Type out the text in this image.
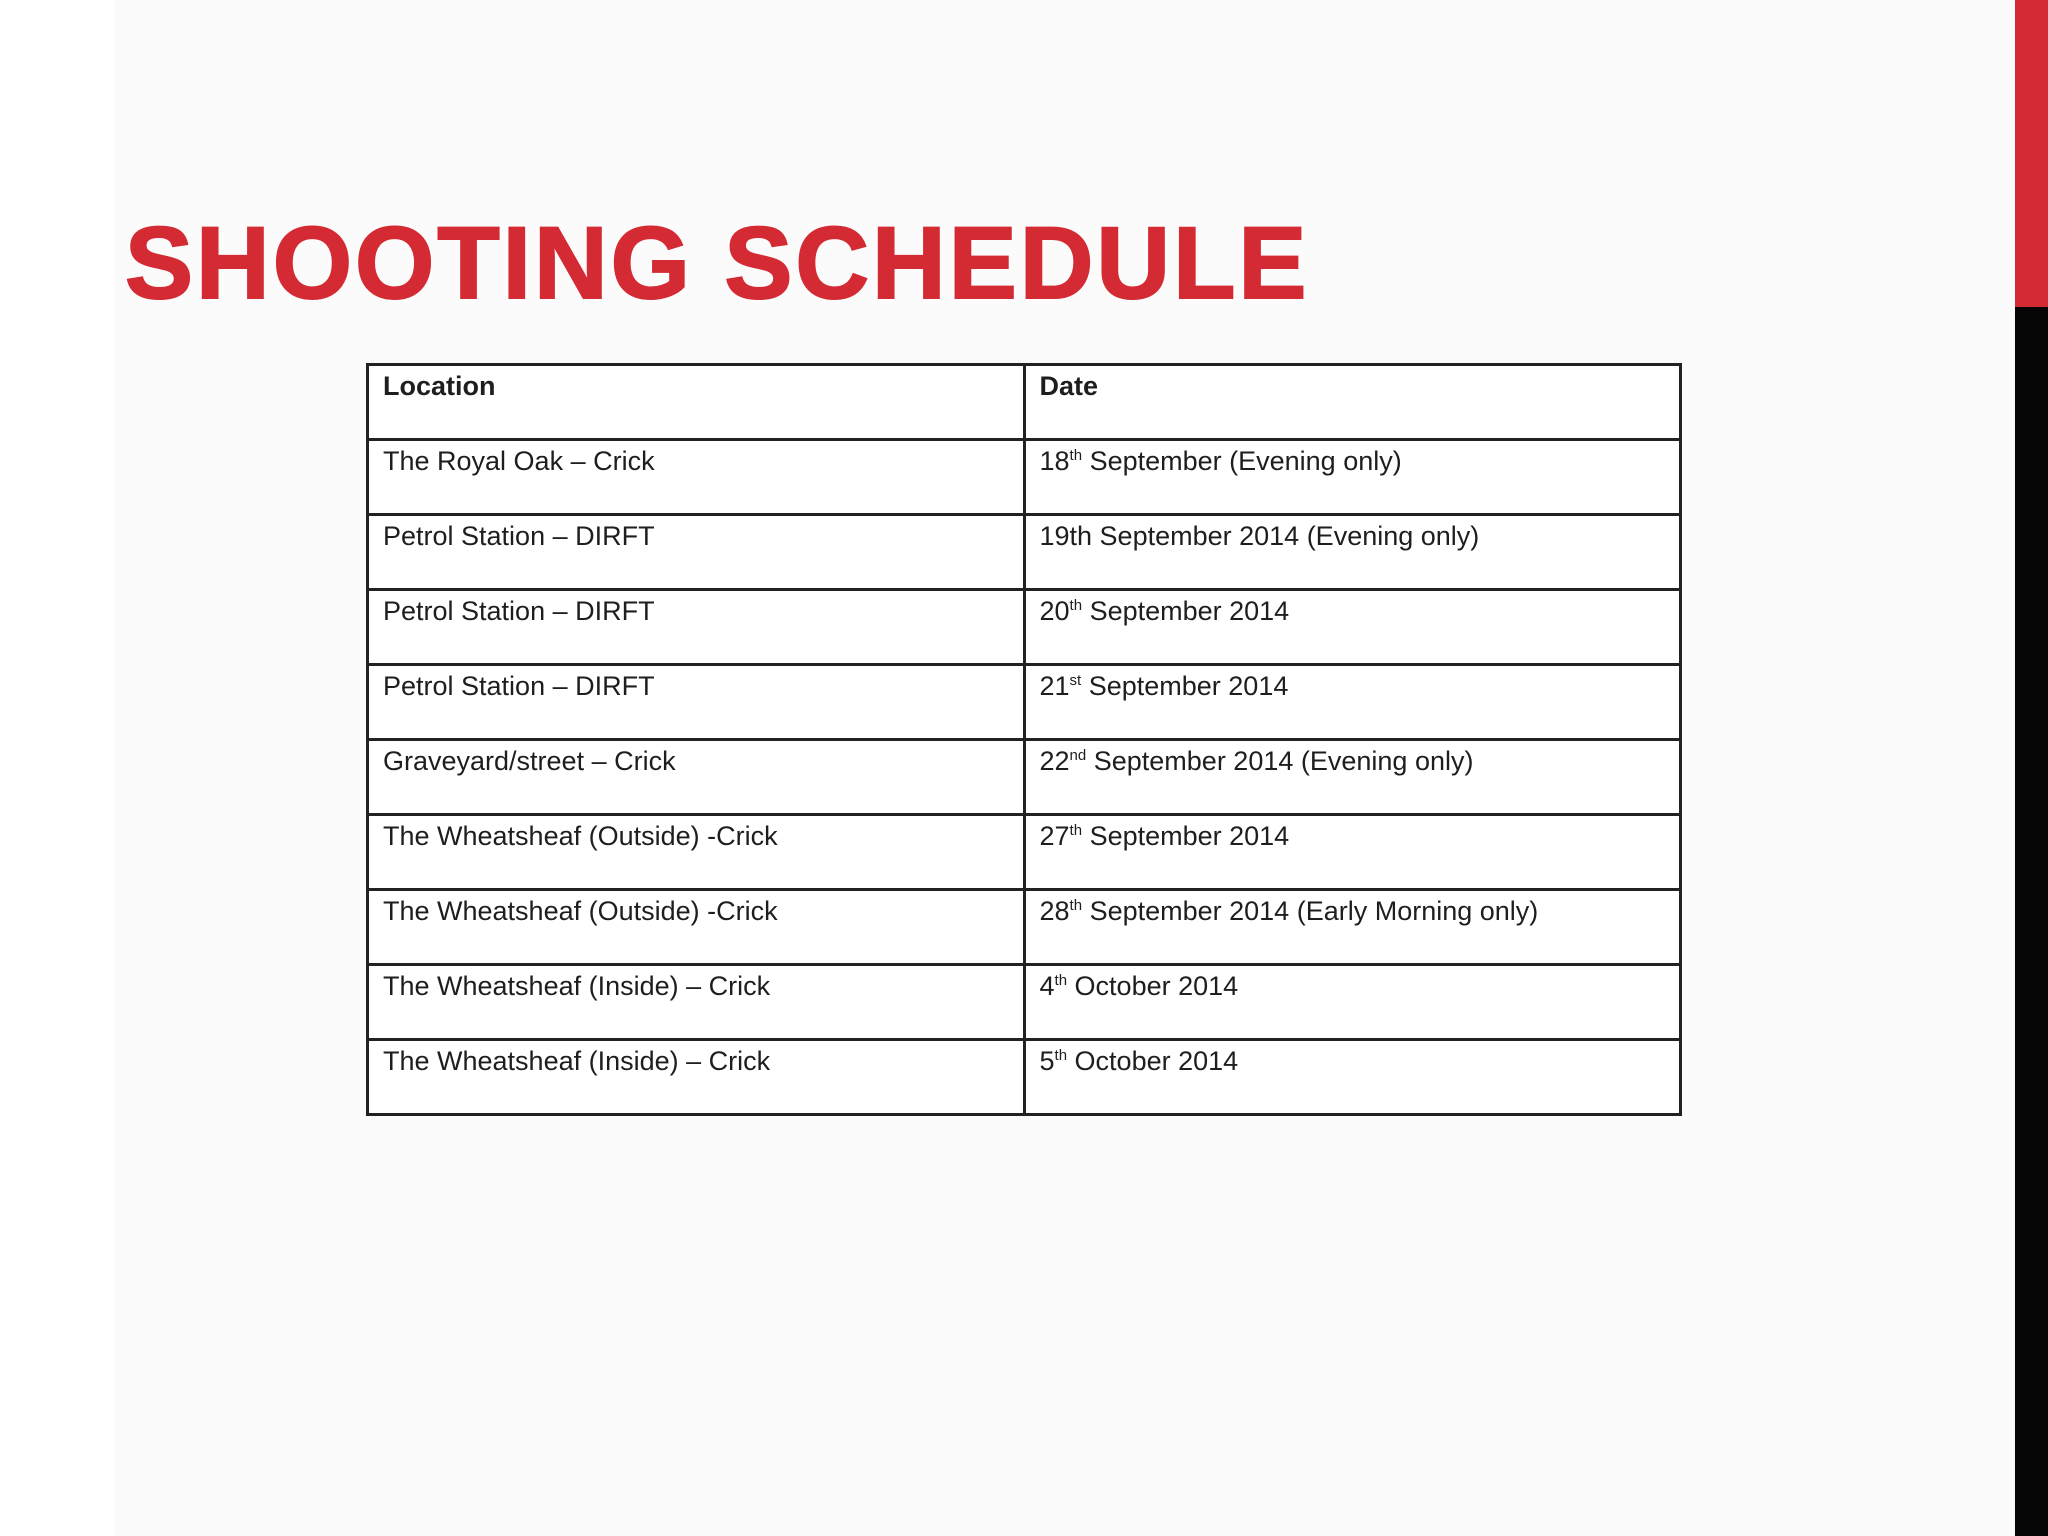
SHOOTING SCHEDULE
Location	Date
The Royal Oak – Crick	18th September (Evening only)
Petrol Station – DIRFT	19th September 2014 (Evening only)
Petrol Station – DIRFT	20th September 2014
Petrol Station – DIRFT	21st September 2014
Graveyard/street – Crick	22nd September 2014 (Evening only)
The Wheatsheaf (Outside) -Crick	27th September 2014
The Wheatsheaf (Outside) -Crick	28th September 2014 (Early Morning only)
The Wheatsheaf (Inside) – Crick	4th October 2014
The Wheatsheaf (Inside) – Crick	5th October 2014
